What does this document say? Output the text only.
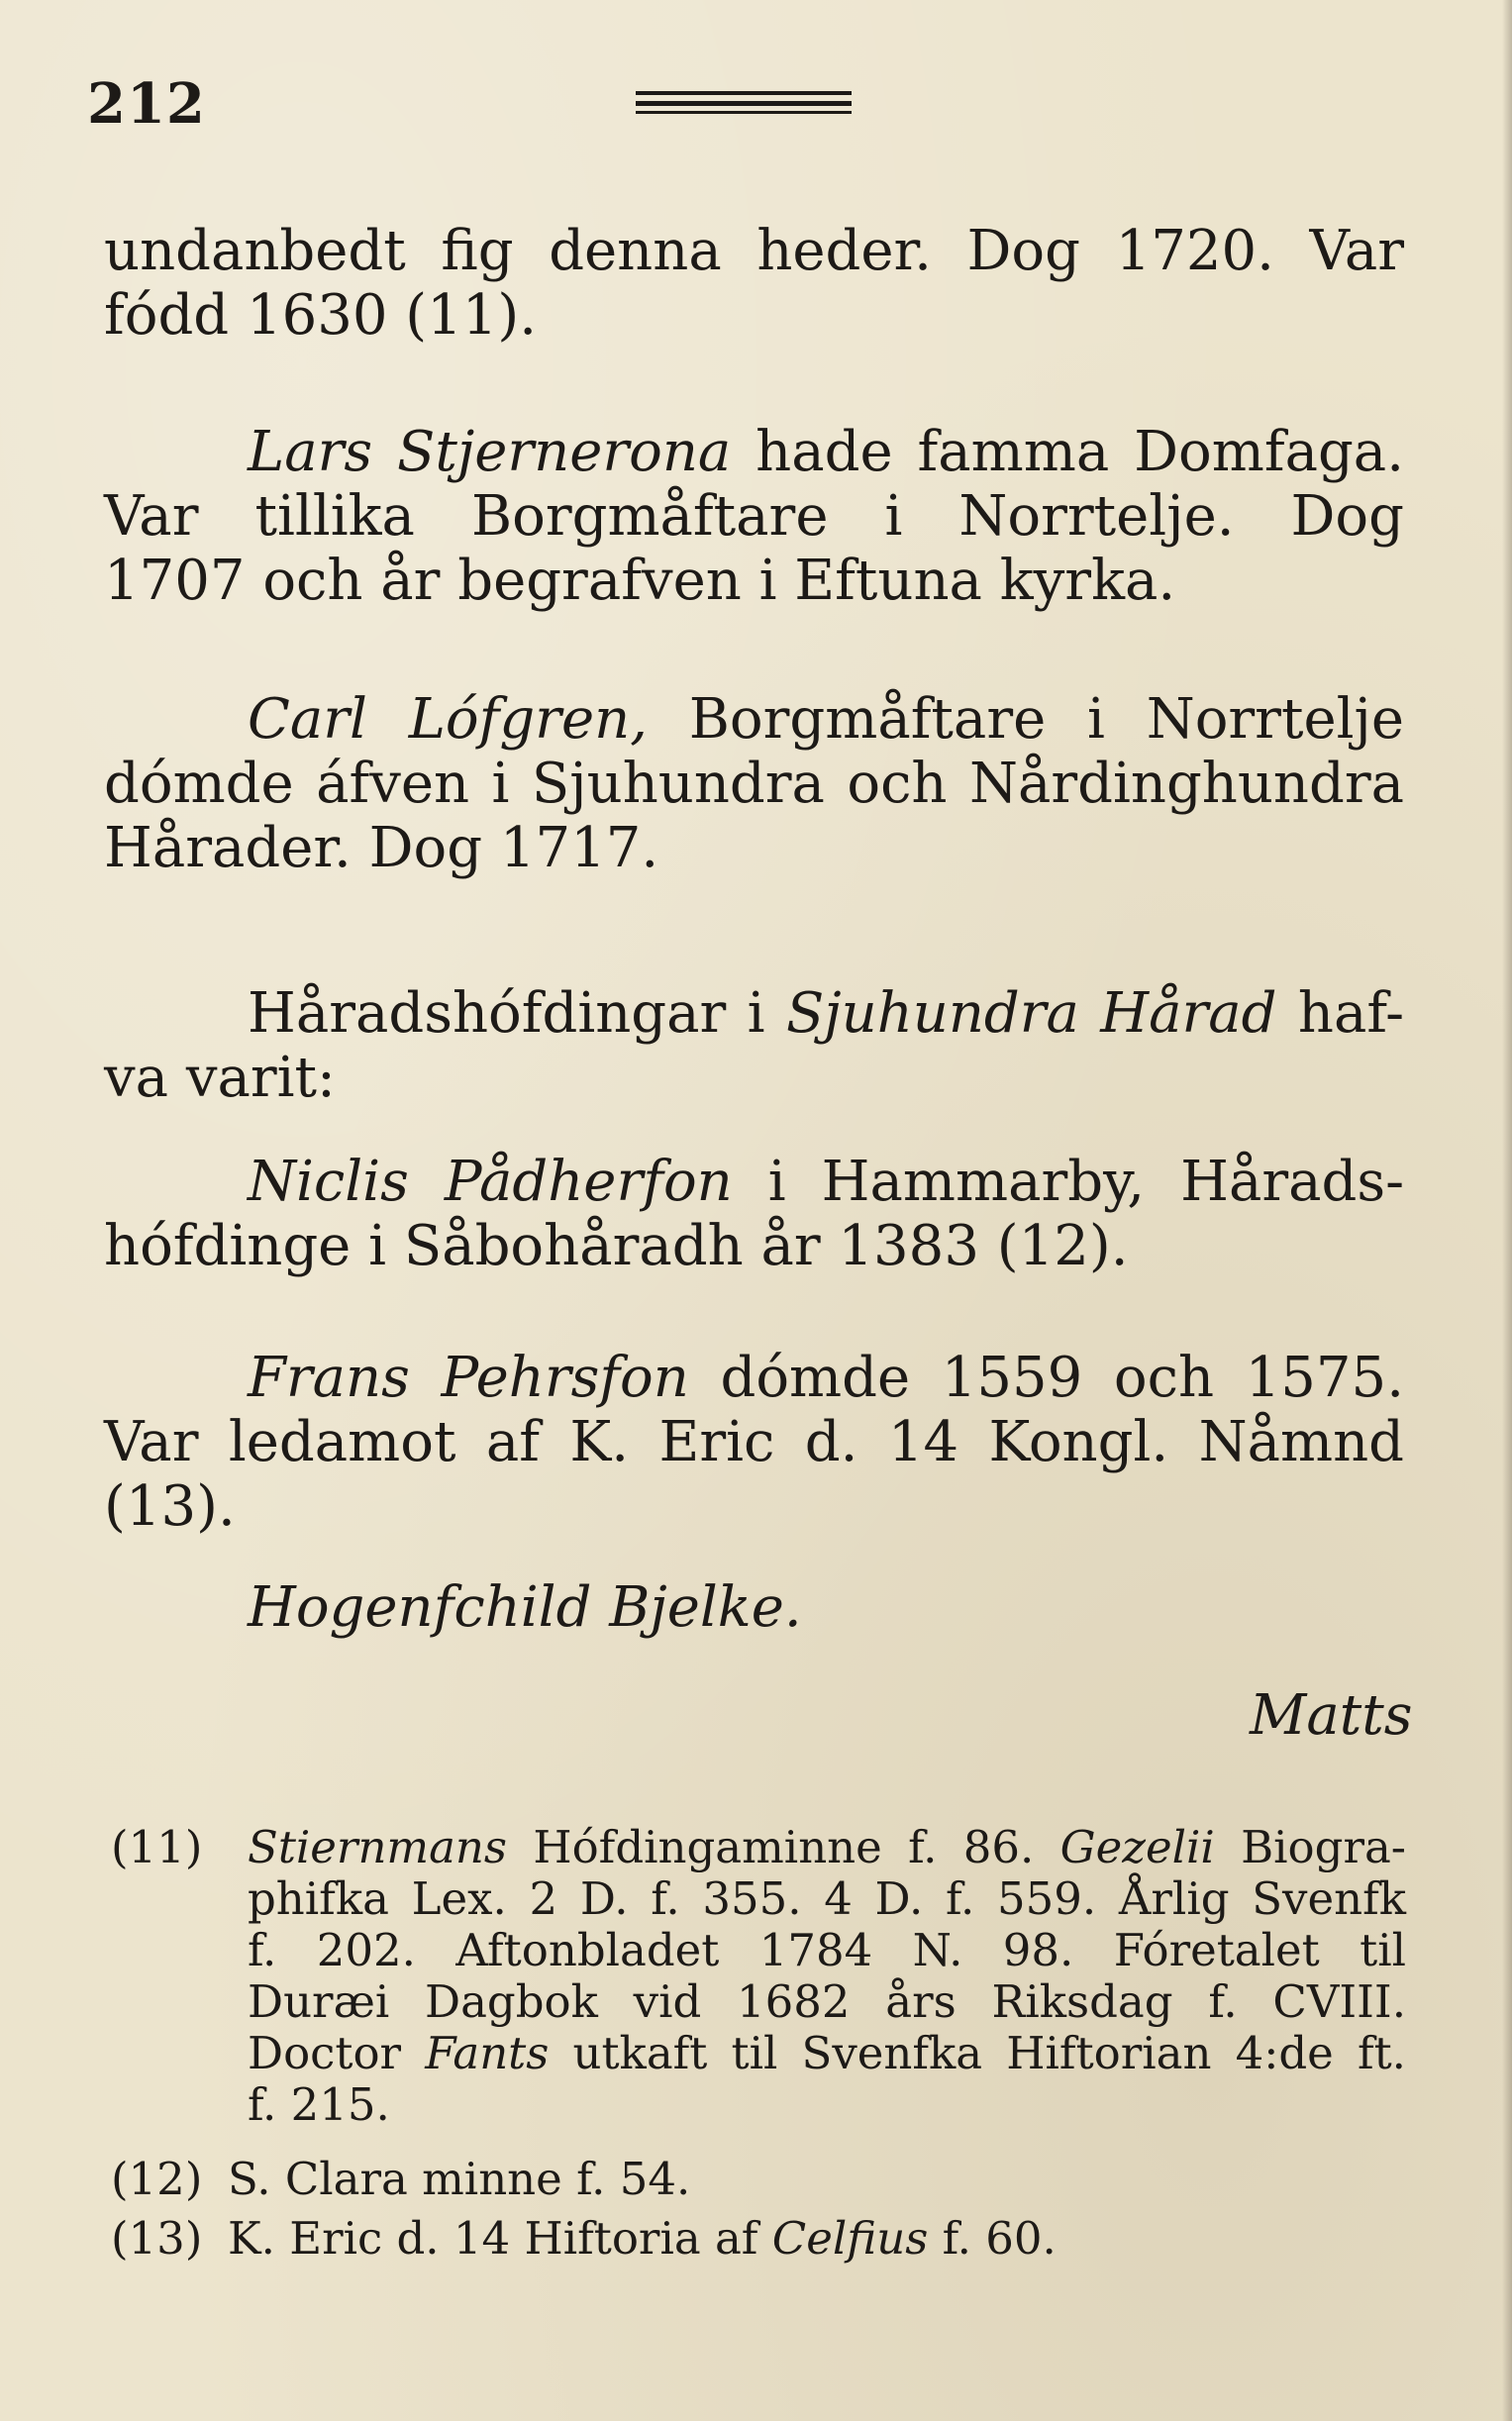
212
undanbedt fig denna heder. Dog 1720. Var
fódd 1630 (11).
Lars Stjernerona hade famma Domfaga.
Var tillika Borgmåftare i Norrtelje. Dog
1707 och år begrafven i Eftuna kyrka.
Carl Lófgren, Borgmåftare i Norrtelje
dómde áfven i Sjuhundra och Nårdinghundra
Hårader. Dog 1717.
Håradshófdingar i Sjuhundra Hårad haf-
va varit:
Niclis Pådherfon i Hammarby, Hårads-
hófdinge i Såbohåradh år 1383 (12).
Frans Pehrsfon dómde 1559 och 1575.
Var ledamot af K. Eric d. 14 Kongl. Nåmnd
(13).
Hogenfchild Bjelke.
Matts
(11) Stiernmans Hófdingaminne f. 86. Gezelii Biogra-
phifka Lex. 2 D. f. 355. 4 D. f. 559. Årlig Svenfk
f. 202. Aftonbladet 1784 N. 98. Fóretalet til
Duræi Dagbok vid 1682 års Riksdag f. CVIII.
Doctor Fants utkaft til Svenfka Hiftorian 4:de ft.
f. 215.
(12) S. Clara minne f. 54.
(13) K. Eric d. 14 Hiftoria af Celfius f. 60.
